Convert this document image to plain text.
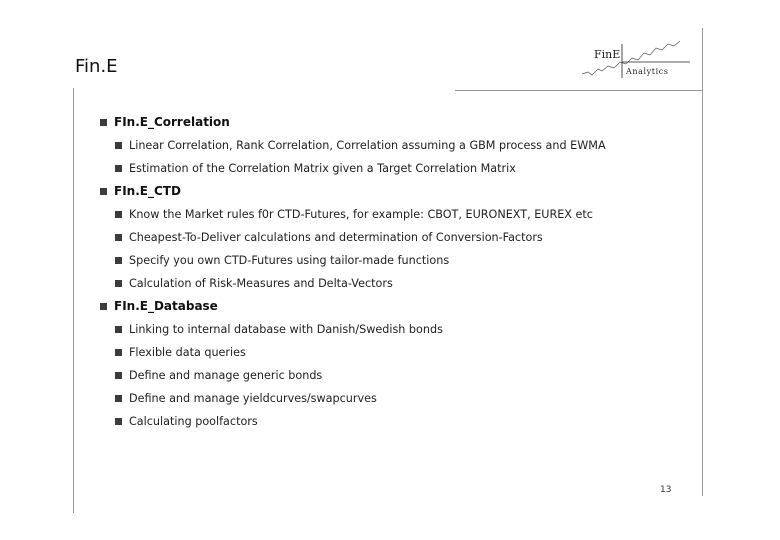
Fin.E
FinE
Analytics
FIn.E_Correlation
Linear Correlation, Rank Correlation, Correlation assuming a GBM process and EWMA
Estimation of the Correlation Matrix given a Target Correlation Matrix
FIn.E_CTD
Know the Market rules f0r CTD-Futures, for example: CBOT, EURONEXT, EUREX etc
Cheapest-To-Deliver calculations and determination of Conversion-Factors
Specify you own CTD-Futures using tailor-made functions
Calculation of Risk-Measures and Delta-Vectors
FIn.E_Database
Linking to internal database with Danish/Swedish bonds
Flexible data queries
Define and manage generic bonds
Define and manage yieldcurves/swapcurves
Calculating poolfactors
13
